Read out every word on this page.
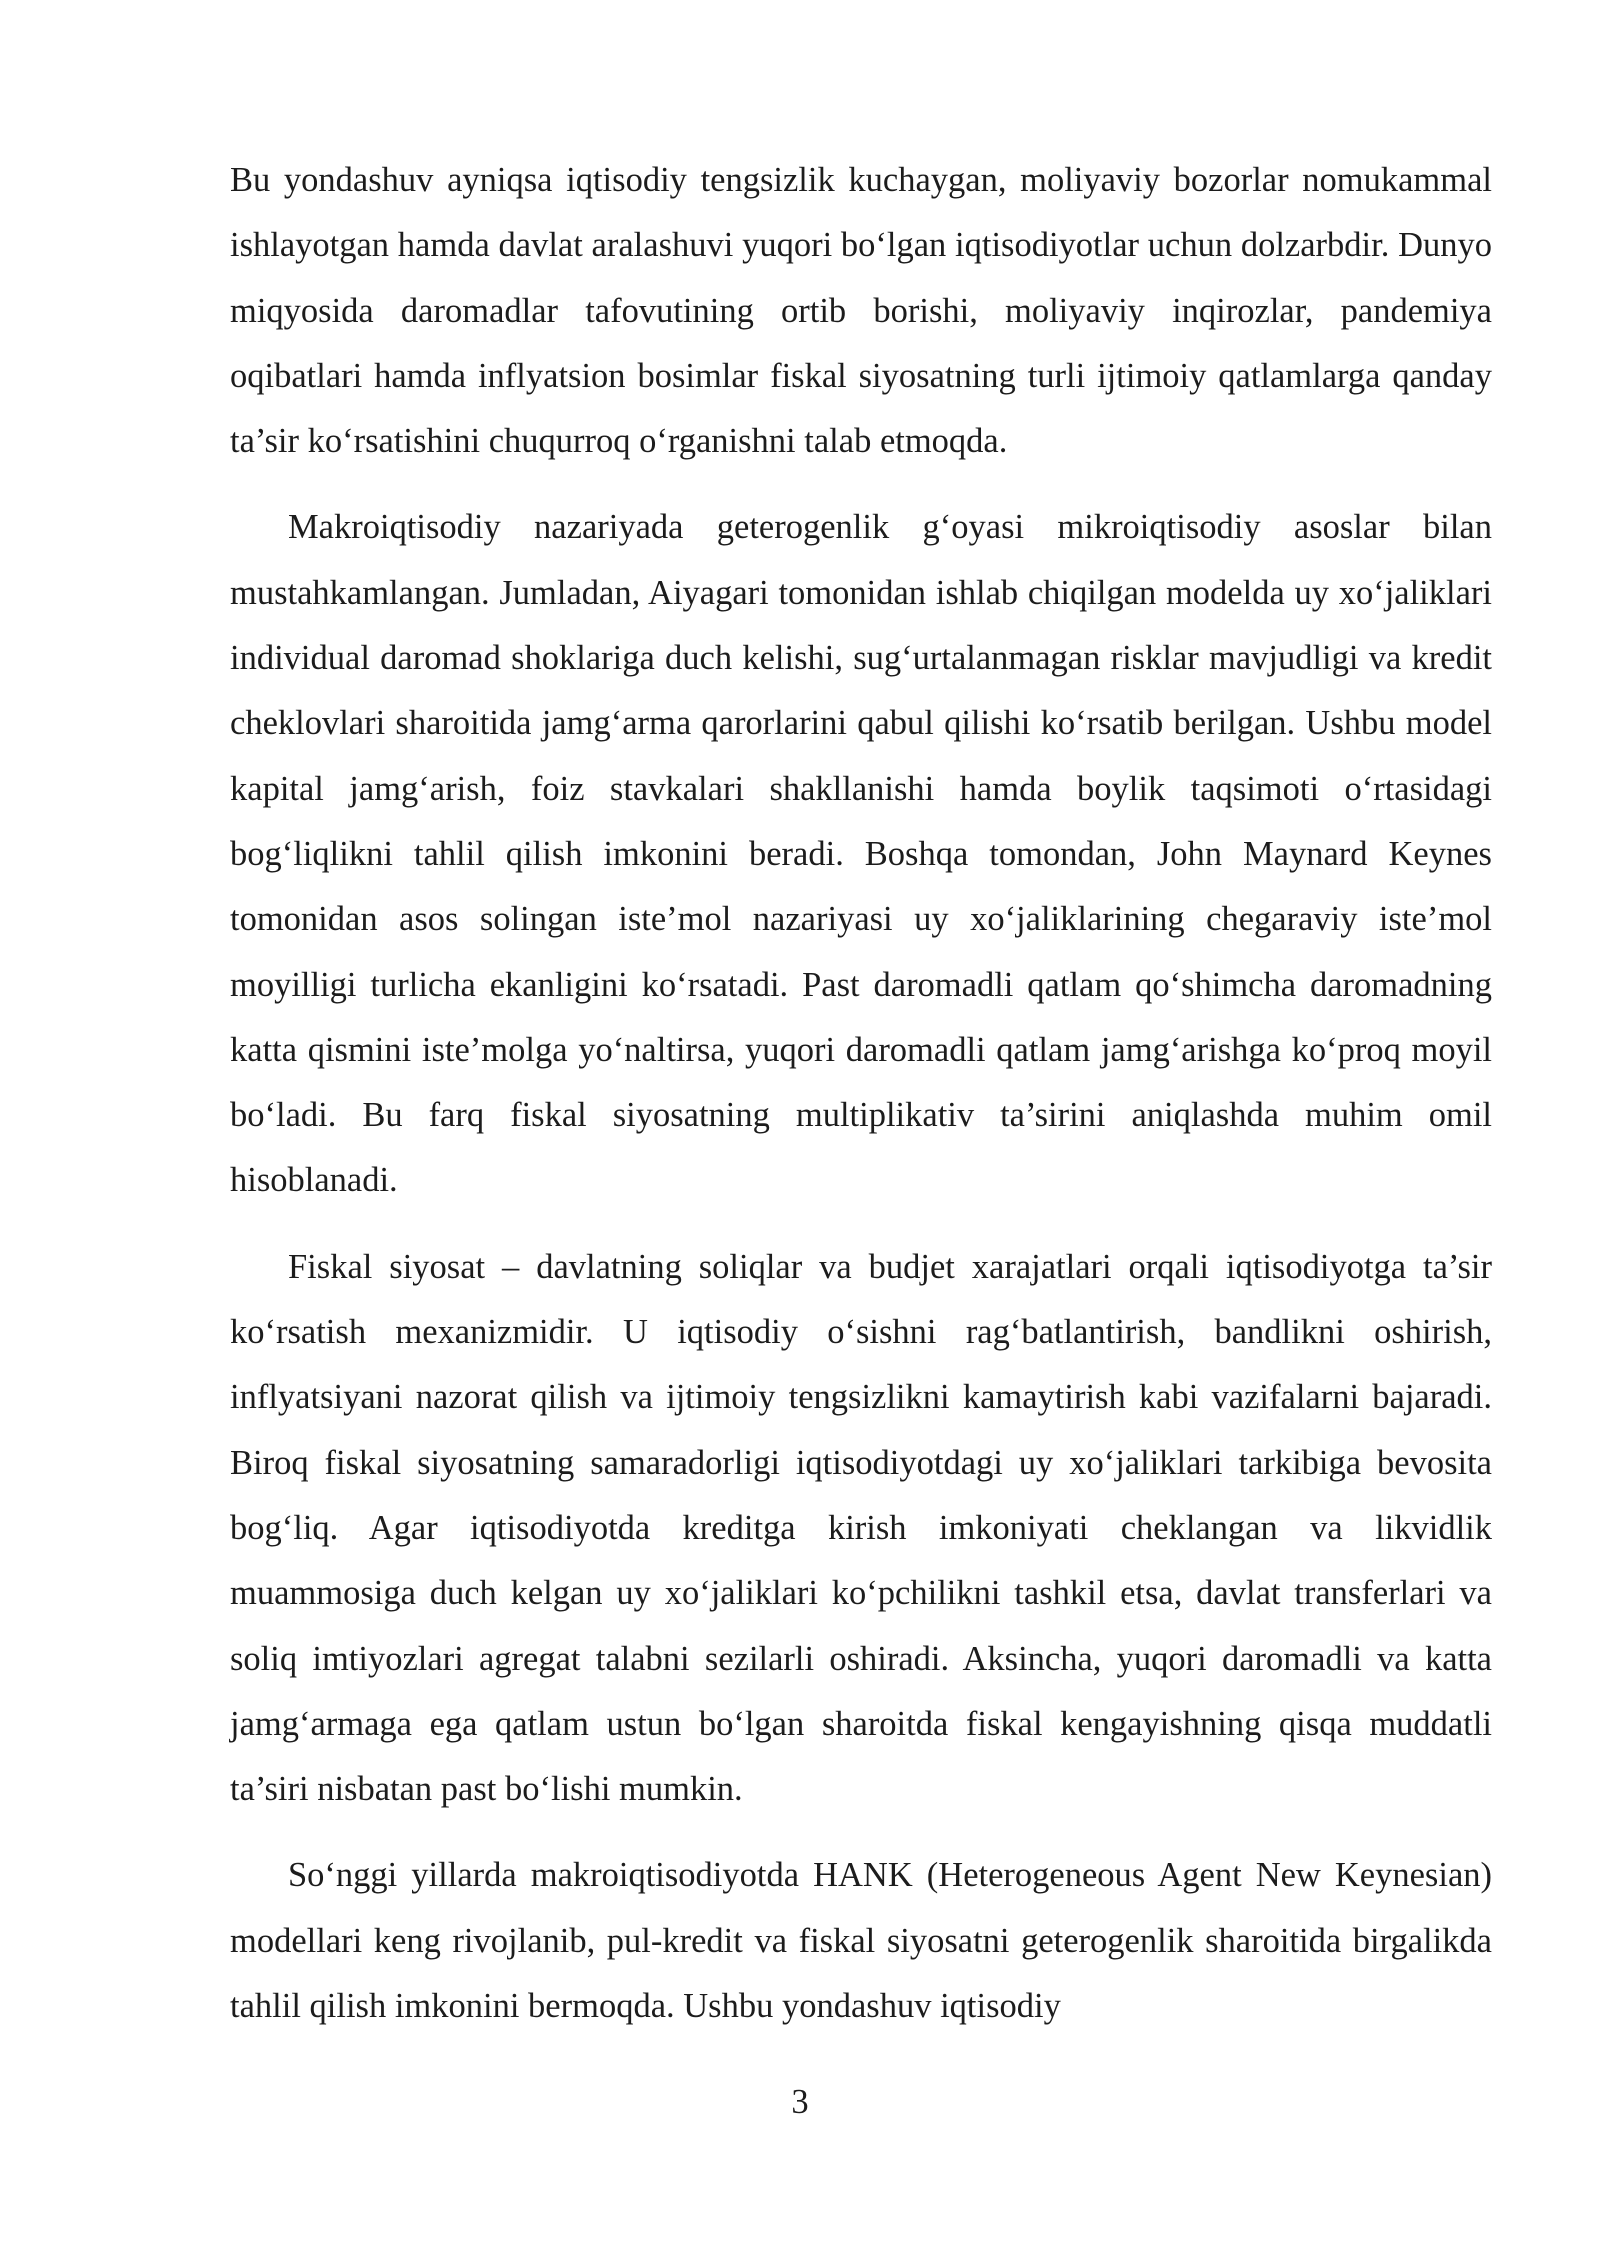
Bu yondashuv ayniqsa iqtisodiy tengsizlik kuchaygan, moliyaviy bozorlar nomukammal ishlayotgan hamda davlat aralashuvi yuqori bo‘lgan iqtisodiyotlar uchun dolzarbdir. Dunyo miqyosida daromadlar tafovutining ortib borishi, moliyaviy inqirozlar, pandemiya oqibatlari hamda inflyatsion bosimlar fiskal siyosatning turli ijtimoiy qatlamlarga qanday ta’sir ko‘rsatishini chuqurroq o‘rganishni talab etmoqda.

Makroiqtisodiy nazariyada geterogenlik g‘oyasi mikroiqtisodiy asoslar bilan mustahkamlangan. Jumladan, Aiyagari tomonidan ishlab chiqilgan modelda uy xo‘jaliklari individual daromad shoklariga duch kelishi, sug‘urtalanmagan risklar mavjudligi va kredit cheklovlari sharoitida jamg‘arma qarorlarini qabul qilishi ko‘rsatib berilgan. Ushbu model kapital jamg‘arish, foiz stavkalari shakllanishi hamda boylik taqsimoti o‘rtasidagi bog‘liqlikni tahlil qilish imkonini beradi. Boshqa tomondan, John Maynard Keynes tomonidan asos solingan iste’mol nazariyasi uy xo‘jaliklarining chegaraviy iste’mol moyilligi turlicha ekanligini ko‘rsatadi. Past daromadli qatlam qo‘shimcha daromadning katta qismini iste’molga yo‘naltirsa, yuqori daromadli qatlam jamg‘arishga ko‘proq moyil bo‘ladi. Bu farq fiskal siyosatning multiplikativ ta’sirini aniqlashda muhim omil hisoblanadi.

Fiskal siyosat – davlatning soliqlar va budjet xarajatlari orqali iqtisodiyotga ta’sir ko‘rsatish mexanizmidir. U iqtisodiy o‘sishni rag‘batlantirish, bandlikni oshirish, inflyatsiyani nazorat qilish va ijtimoiy tengsizlikni kamaytirish kabi vazifalarni bajaradi. Biroq fiskal siyosatning samaradorligi iqtisodiyotdagi uy xo‘jaliklari tarkibiga bevosita bog‘liq. Agar iqtisodiyotda kreditga kirish imkoniyati cheklangan va likvidlik muammosiga duch kelgan uy xo‘jaliklari ko‘pchilikni tashkil etsa, davlat transferlari va soliq imtiyozlari agregat talabni sezilarli oshiradi. Aksincha, yuqori daromadli va katta jamg‘armaga ega qatlam ustun bo‘lgan sharoitda fiskal kengayishning qisqa muddatli ta’siri nisbatan past bo‘lishi mumkin.

So‘nggi yillarda makroiqtisodiyotda HANK (Heterogeneous Agent New Keynesian) modellari keng rivojlanib, pul-kredit va fiskal siyosatni geterogenlik sharoitida birgalikda tahlil qilish imkonini bermoqda. Ushbu yondashuv iqtisodiy

3
